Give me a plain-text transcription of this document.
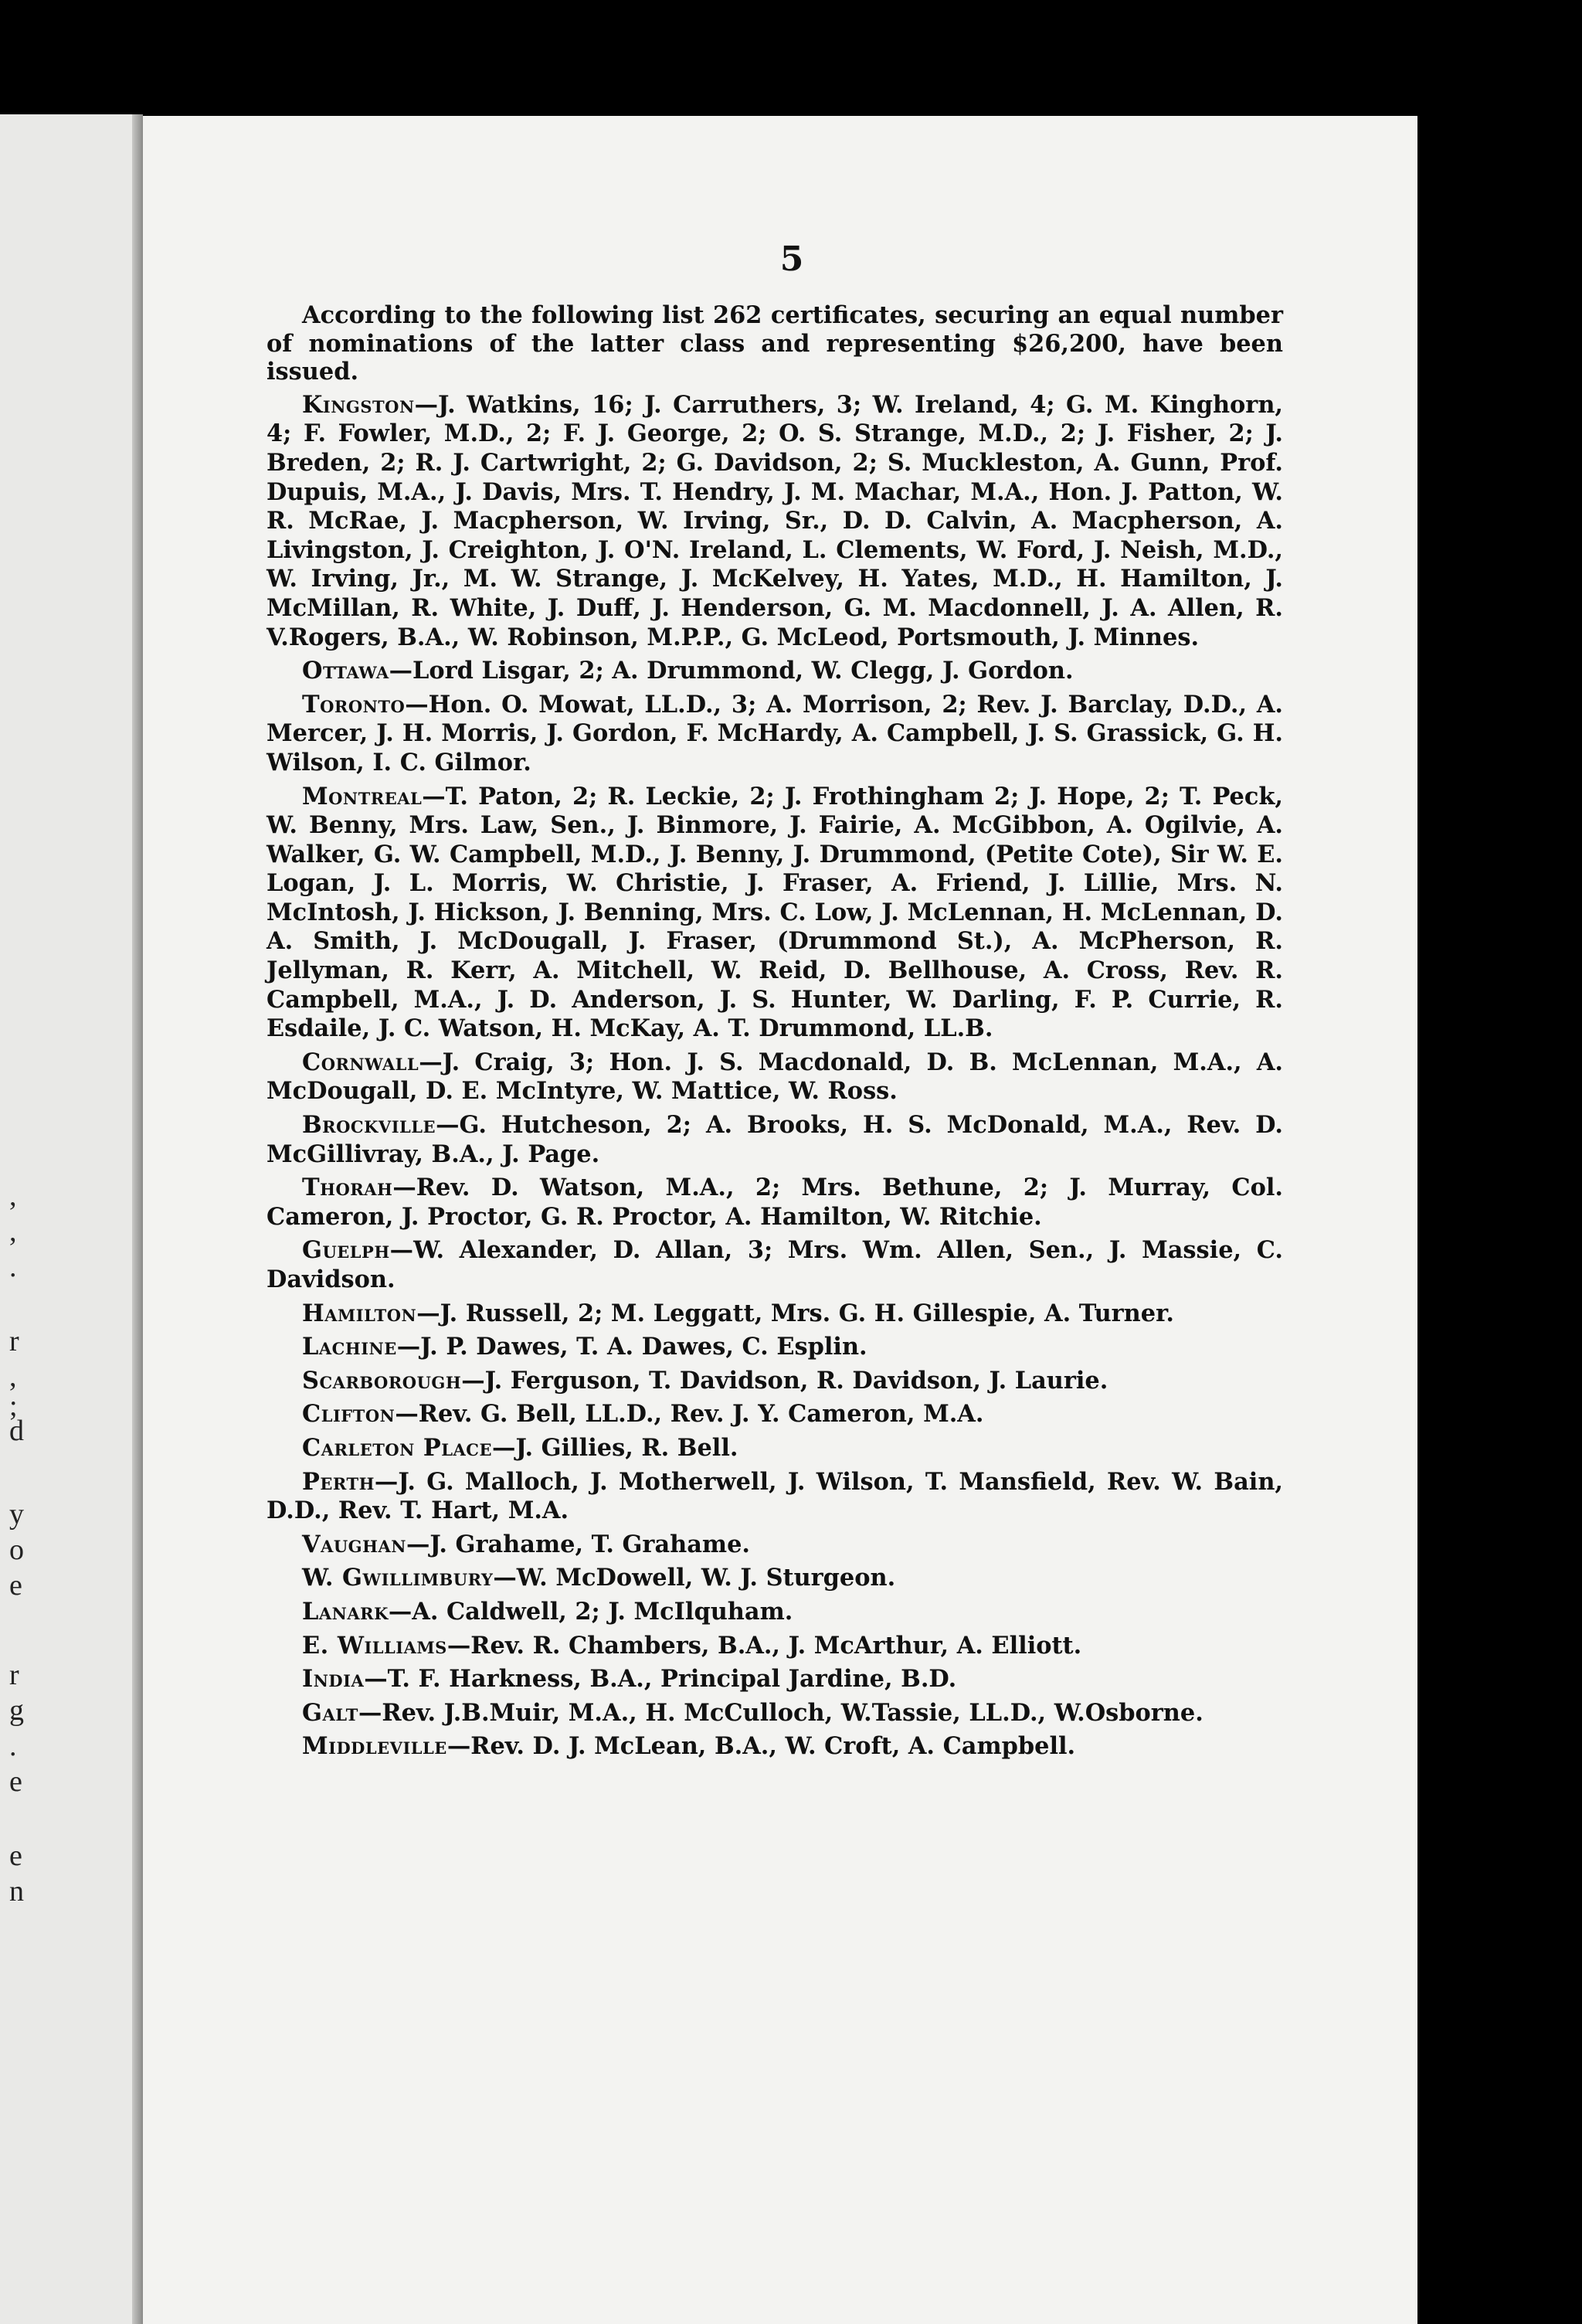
,
,
.
r
,
;
d
y
o
e
r
g
.
e
e
n
5

According to the following list 262 certificates, securing an equal number of nominations of the latter class and representing $26,200, have been issued.

Kingston—J. Watkins, 16; J. Carruthers, 3; W. Ireland, 4; G. M. Kinghorn, 4; F. Fowler, M.D., 2; F. J. George, 2; O. S. Strange, M.D., 2; J. Fisher, 2; J. Breden, 2; R. J. Cartwright, 2; G. Davidson, 2; S. Muckleston, A. Gunn, Prof. Dupuis, M.A., J. Davis, Mrs. T. Hendry, J. M. Machar, M.A., Hon. J. Patton, W. R. McRae, J. Macpherson, W. Irving, Sr., D. D. Calvin, A. Macpherson, A. Livingston, J. Creighton, J. O'N. Ireland, L. Clements, W. Ford, J. Neish, M.D., W. Irving, Jr., M. W. Strange, J. McKelvey, H. Yates, M.D., H. Hamilton, J. McMillan, R. White, J. Duff, J. Henderson, G. M. Macdonnell, J. A. Allen, R. V.Rogers, B.A., W. Robinson, M.P.P., G. McLeod, Portsmouth, J. Minnes.

Ottawa—Lord Lisgar, 2; A. Drummond, W. Clegg, J. Gordon.

Toronto—Hon. O. Mowat, LL.D., 3; A. Morrison, 2; Rev. J. Barclay, D.D., A. Mercer, J. H. Morris, J. Gordon, F. McHardy, A. Campbell, J. S. Grassick, G. H. Wilson, I. C. Gilmor.

Montreal—T. Paton, 2; R. Leckie, 2; J. Frothingham 2; J. Hope, 2; T. Peck, W. Benny, Mrs. Law, Sen., J. Binmore, J. Fairie, A. McGibbon, A. Ogilvie, A. Walker, G. W. Campbell, M.D., J. Benny, J. Drummond, (Petite Cote), Sir W. E. Logan, J. L. Morris, W. Christie, J. Fraser, A. Friend, J. Lillie, Mrs. N. McIntosh, J. Hickson, J. Benning, Mrs. C. Low, J. McLennan, H. McLennan, D. A. Smith, J. McDougall, J. Fraser, (Drummond St.), A. McPherson, R. Jellyman, R. Kerr, A. Mitchell, W. Reid, D. Bellhouse, A. Cross, Rev. R. Campbell, M.A., J. D. Anderson, J. S. Hunter, W. Darling, F. P. Currie, R. Esdaile, J. C. Watson, H. McKay, A. T. Drummond, LL.B.

Cornwall—J. Craig, 3; Hon. J. S. Macdonald, D. B. McLennan, M.A., A. McDougall, D. E. McIntyre, W. Mattice, W. Ross.

Brockville—G. Hutcheson, 2; A. Brooks, H. S. McDonald, M.A., Rev. D. McGillivray, B.A., J. Page.

Thorah—Rev. D. Watson, M.A., 2; Mrs. Bethune, 2; J. Murray, Col. Cameron, J. Proctor, G. R. Proctor, A. Hamilton, W. Ritchie.

Guelph—W. Alexander, D. Allan, 3; Mrs. Wm. Allen, Sen., J. Massie, C. Davidson.

Hamilton—J. Russell, 2; M. Leggatt, Mrs. G. H. Gillespie, A. Turner.

Lachine—J. P. Dawes, T. A. Dawes, C. Esplin.

Scarborough—J. Ferguson, T. Davidson, R. Davidson, J. Laurie.

Clifton—Rev. G. Bell, LL.D., Rev. J. Y. Cameron, M.A.

Carleton Place—J. Gillies, R. Bell.

Perth—J. G. Malloch, J. Motherwell, J. Wilson, T. Mansfield, Rev. W. Bain, D.D., Rev. T. Hart, M.A.

Vaughan—J. Grahame, T. Grahame.

W. Gwillimbury—W. McDowell, W. J. Sturgeon.

Lanark—A. Caldwell, 2; J. McIlquham.

E. Williams—Rev. R. Chambers, B.A., J. McArthur, A. Elliott.

India—T. F. Harkness, B.A., Principal Jardine, B.D.

Galt—Rev. J.B.Muir, M.A., H. McCulloch, W.Tassie, LL.D., W.Osborne.

Middleville—Rev. D. J. McLean, B.A., W. Croft, A. Campbell.
